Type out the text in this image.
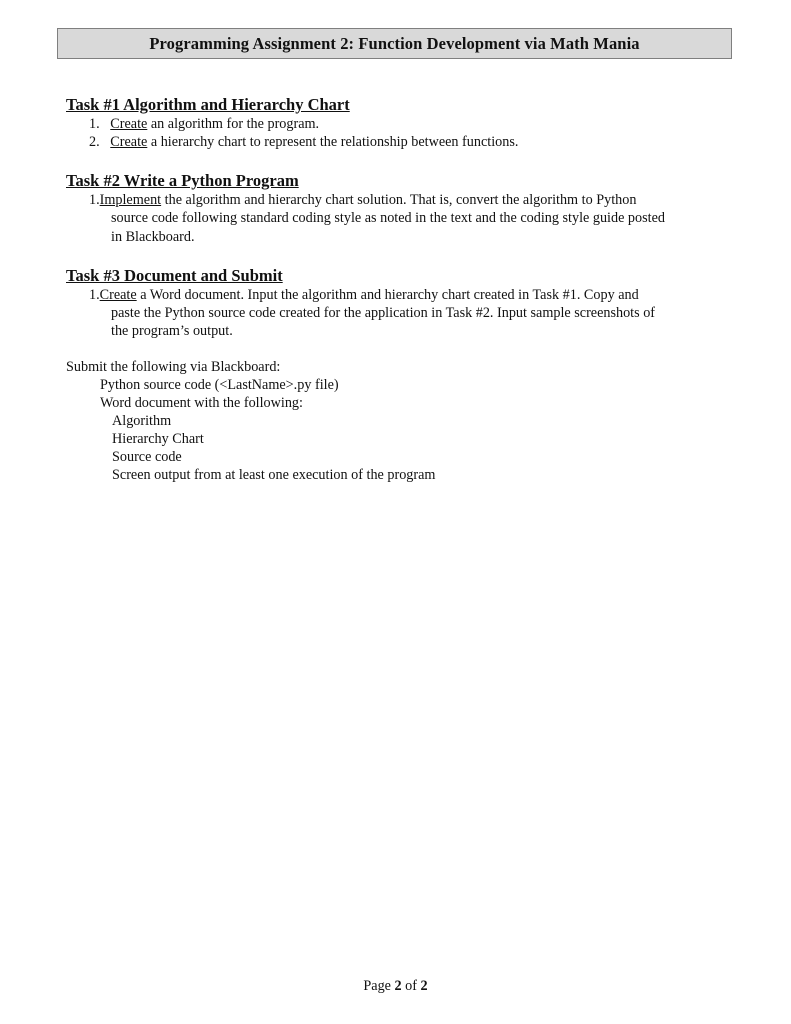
Programming Assignment 2: Function Development via Math Mania
Task #1 Algorithm and Hierarchy Chart
1. Create an algorithm for the program.
2. Create a hierarchy chart to represent the relationship between functions.
Task #2 Write a Python Program
1.Implement the algorithm and hierarchy chart solution. That is, convert the algorithm to Python
source code following standard coding style as noted in the text and the coding style guide posted
in Blackboard.
Task #3 Document and Submit
1.Create a Word document. Input the algorithm and hierarchy chart created in Task #1. Copy and
paste the Python source code created for the application in Task #2. Input sample screenshots of
the program’s output.
Submit the following via Blackboard:
Python source code (<LastName>.py file)
Word document with the following:
Algorithm
Hierarchy Chart
Source code
Screen output from at least one execution of the program
Page 2 of 2
